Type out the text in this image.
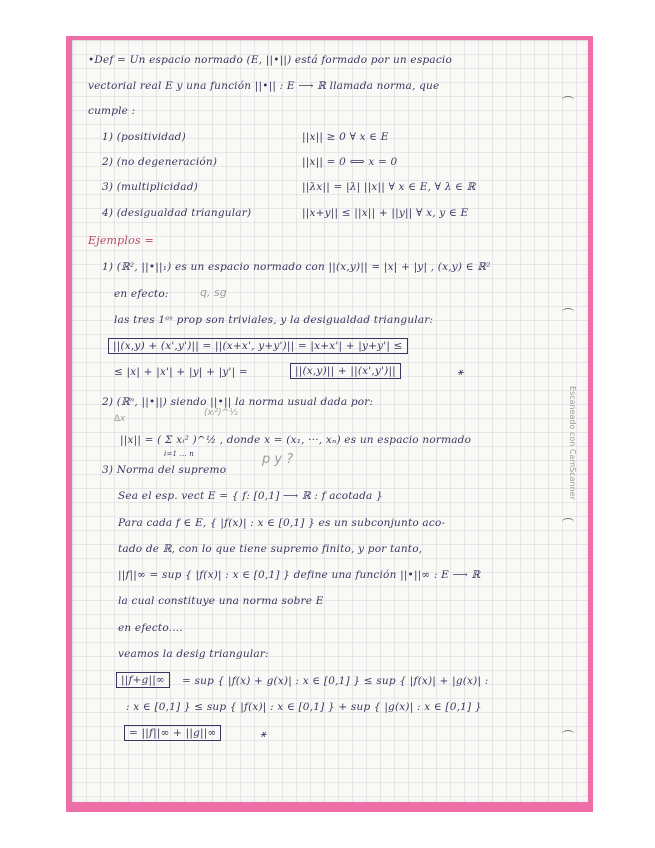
•Def = Un espacio normado (E, ||•||) está formado por un espacio
vectorial real E y una función ||•|| : E ⟶ ℝ llamada norma, que
cumple :
1) (positividad)	||x|| ≥ 0 ∀ x ∈ E
2) (no degeneración)	||x|| = 0 ⟺ x = 0
3) (multiplicidad)	||λx|| = |λ| ||x|| ∀ x ∈ E, ∀ λ ∈ ℝ
4) (desigualdad triangular)	||x+y|| ≤ ||x|| + ||y|| ∀ x, y ∈ E
Ejemplos =
1) (ℝ², ||•||₁) es un espacio normado con ||(x,y)|| = |x| + |y| , (x,y) ∈ ℝ²
en efecto:	q, sg
las tres 1ᵃˢ prop son triviales, y la desigualdad triangular:
||(x,y) + (x',y')|| = ||(x+x', y+y')|| = |x+x'| + |y+y'| ≤
≤ |x| + |x'| + |y| + |y'| =	||(x,y)|| + ||(x',y')||	⚹
2) (ℝⁿ, ||•||) siendo ||•|| la norma usual dada por:
∆x
(xᵢ²)^½
||x|| = ( Σ xᵢ² )^½ , donde x = (x₁, ···, xₙ) es un espacio normado
i=1 … n	p y ?
3) Norma del supremo
Sea el esp. vect E = { f: [0,1] ⟶ ℝ : f acotada }
Para cada f ∈ E, { |f(x)| : x ∈ [0,1] } es un subconjunto aco-
tado de ℝ, con lo que tiene supremo finito, y por tanto,
||f||∞ = sup { |f(x)| : x ∈ [0,1] } define una función ||•||∞ : E ⟶ ℝ
la cual constituye una norma sobre E
en efecto....
veamos la desig triangular:
||f+g||∞	= sup { |f(x) + g(x)| : x ∈ [0,1] } ≤ sup { |f(x)| + |g(x)| :
: x ∈ [0,1] } ≤ sup { |f(x)| : x ∈ [0,1] } + sup { |g(x)| : x ∈ [0,1] }
= ||f||∞ + ||g||∞	⚹
Escaneado con CamScanner
